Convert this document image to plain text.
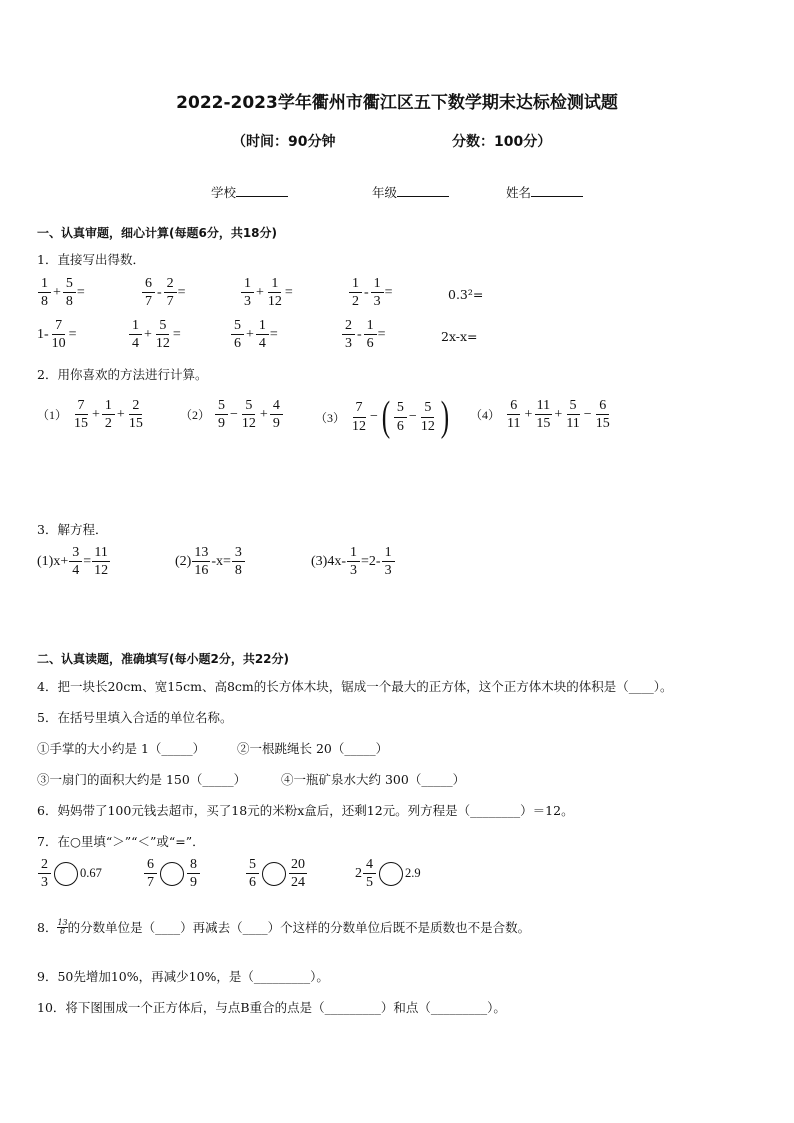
2022-2023学年衢州市衢江区五下数学期末达标检测试题
（时间：90分钟	分数：100分）
学校	年级	姓名
一、认真审题，细心计算(每题6分，共18分)
1．直接写出得数．
$\frac{1}{8} + \frac{5}{8}$ =	$\frac{6}{7} - \frac{2}{7}$ =	$\frac{1}{3} + \frac{1}{12}$ =	$\frac{1}{2} - \frac{1}{3}$ =	0.3²=
$1- \frac{7}{10}$ =	$\frac{1}{4} + \frac{5}{12}$ =	$\frac{5}{6} + \frac{1}{4}$ =	$\frac{2}{3} - \frac{1}{6}$ =	2x-x=
2．用你喜欢的方法进行计算。
$(1) \frac{7}{15} + \frac{1}{2} + \frac{2}{15}$	$(2) \frac{5}{9} - \frac{5}{12} + \frac{4}{9}$	$(3) \frac{7}{12}$ − ( $\frac{5}{6} - \frac{5}{12}$ ) $(4) \frac{6}{11} + \frac{11}{15} + \frac{5}{11} - \frac{6}{15}$
3．解方程．
$(1)x+ \frac{3}{4} = \frac{11}{12}$	$(2) \frac{13}{16} -x= \frac{3}{8}$	$(3)4x- \frac{1}{3} =2- \frac{1}{3}$
二、认真读题，准确填写(每小题2分，共22分)
4．把一块长20cm、宽15cm、高8cm的长方体木块，锯成一个最大的正方体，这个正方体木块的体积是（____）。
5．在括号里填入合适的单位名称。
①手掌的大小约是 1（_____）	②一根跳绳长 20（_____）
③一扇门的面积大约是 150（_____）	④一瓶矿泉水大约 300（_____）
6．妈妈带了100元钱去超市，买了18元的米粉x盒后，还剩12元。列方程是（________）＝12。
7．在○里填“＞”“＜”或“=”．
$\frac{2}{3} 0.67$	$\frac{6}{7} \frac{8}{9}$	$\frac{5}{6} \frac{20}{24}$	$2 \frac{4}{5} 2.9$
8． $\frac{13}{6}$ 的分数单位是（____）再减去（____）个这样的分数单位后既不是质数也不是合数。
9．50先增加10%，再减少10%，是（_________）。
10．将下图围成一个正方体后，与点B重合的点是（_________）和点（_________）。
